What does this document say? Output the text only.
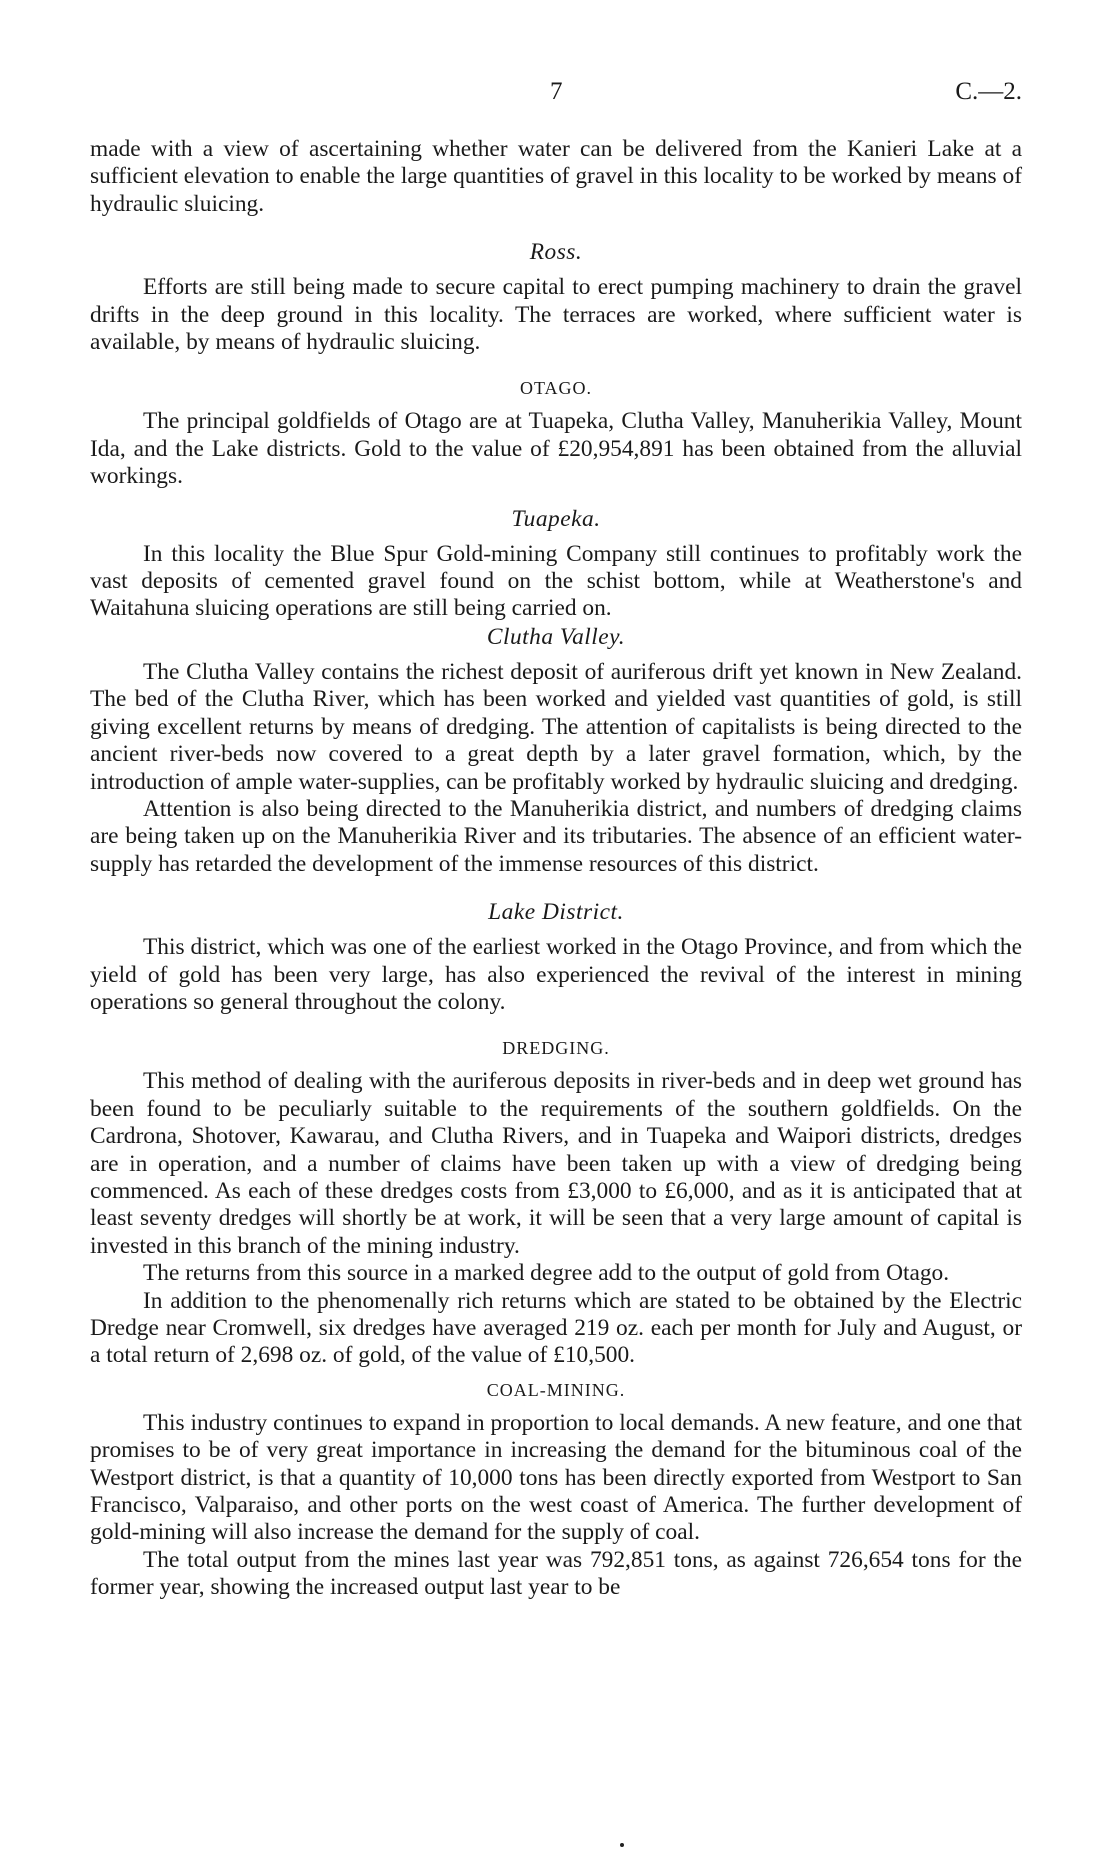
7	C.—2.

made with a view of ascertaining whether water can be delivered from the Kanieri Lake at a sufficient elevation to enable the large quantities of gravel in this locality to be worked by means of hydraulic sluicing.

Ross.

Efforts are still being made to secure capital to erect pumping machinery to drain the gravel drifts in the deep ground in this locality. The terraces are worked, where sufficient water is available, by means of hydraulic sluicing.

OTAGO.

The principal goldfields of Otago are at Tuapeka, Clutha Valley, Manuherikia Valley, Mount Ida, and the Lake districts. Gold to the value of £20,954,891 has been obtained from the alluvial workings.

Tuapeka.

In this locality the Blue Spur Gold-mining Company still continues to profitably work the vast deposits of cemented gravel found on the schist bottom, while at Weatherstone's and Waitahuna sluicing operations are still being carried on.

Clutha Valley.

The Clutha Valley contains the richest deposit of auriferous drift yet known in New Zealand. The bed of the Clutha River, which has been worked and yielded vast quantities of gold, is still giving excellent returns by means of dredging. The attention of capitalists is being directed to the ancient river-beds now covered to a great depth by a later gravel formation, which, by the introduction of ample water-supplies, can be profitably worked by hydraulic sluicing and dredging.

Attention is also being directed to the Manuherikia district, and numbers of dredging claims are being taken up on the Manuherikia River and its tributaries. The absence of an efficient water-supply has retarded the development of the immense resources of this district.

Lake District.

This district, which was one of the earliest worked in the Otago Province, and from which the yield of gold has been very large, has also experienced the revival of the interest in mining operations so general throughout the colony.

DREDGING.

This method of dealing with the auriferous deposits in river-beds and in deep wet ground has been found to be peculiarly suitable to the requirements of the southern goldfields. On the Cardrona, Shotover, Kawarau, and Clutha Rivers, and in Tuapeka and Waipori districts, dredges are in operation, and a number of claims have been taken up with a view of dredging being commenced. As each of these dredges costs from £3,000 to £6,000, and as it is anticipated that at least seventy dredges will shortly be at work, it will be seen that a very large amount of capital is invested in this branch of the mining industry.

The returns from this source in a marked degree add to the output of gold from Otago.

In addition to the phenomenally rich returns which are stated to be obtained by the Electric Dredge near Cromwell, six dredges have averaged 219 oz. each per month for July and August, or a total return of 2,698 oz. of gold, of the value of £10,500.

COAL-MINING.

This industry continues to expand in proportion to local demands. A new feature, and one that promises to be of very great importance in increasing the demand for the bituminous coal of the Westport district, is that a quantity of 10,000 tons has been directly exported from Westport to San Francisco, Valparaiso, and other ports on the west coast of America. The further development of gold-mining will also increase the demand for the supply of coal.

The total output from the mines last year was 792,851 tons, as against 726,654 tons for the former year, showing the increased output last year to be
